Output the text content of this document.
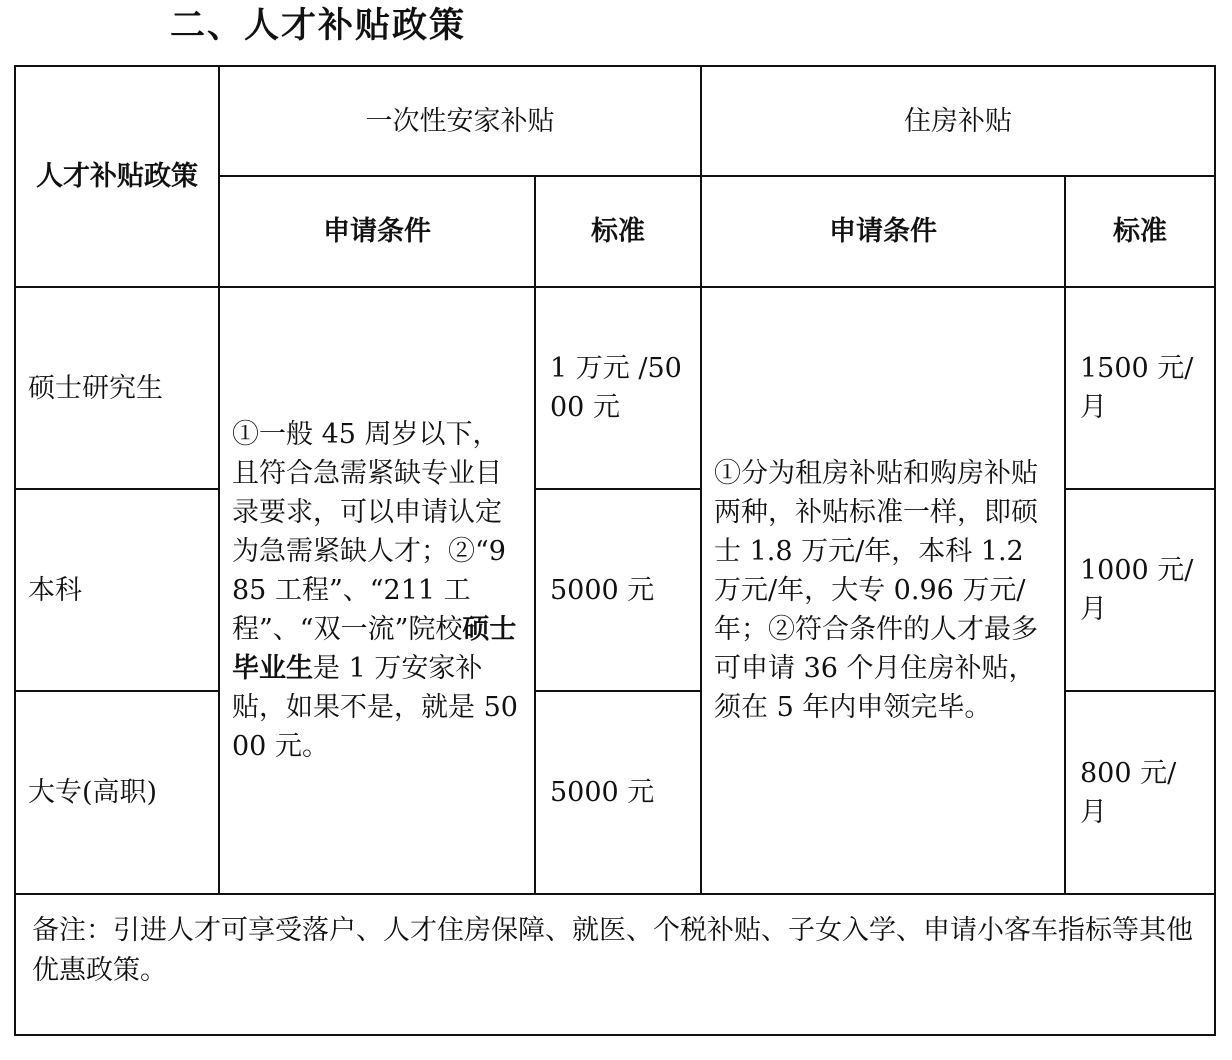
二、人才补贴政策
人才补贴政策	一次性安家补贴		住房补贴	
	申请条件	标准	申请条件	标准
硕士研究生	①一般 45 周岁以下，且符合急需紧缺专业目录要求，可以申请认定为急需紧缺人才；②“985 工程”、“211 工程”、“双一流”院校硕士毕业生是 1 万安家补贴，如果不是，就是 5000 元。	1 万元 /5000 元	①分为租房补贴和购房补贴两种，补贴标准一样，即硕士 1.8 万元/年，本科 1.2 万元/年，大专 0.96 万元/年；②符合条件的人才最多可申请 36 个月住房补贴，须在 5 年内申领完毕。	1500 元/月
本科		5000 元		1000 元/月
大专(高职)		5000 元		800 元/月
备注：引进人才可享受落户、人才住房保障、就医、个税补贴、子女入学、申请小客车指标等其他优惠政策。				
